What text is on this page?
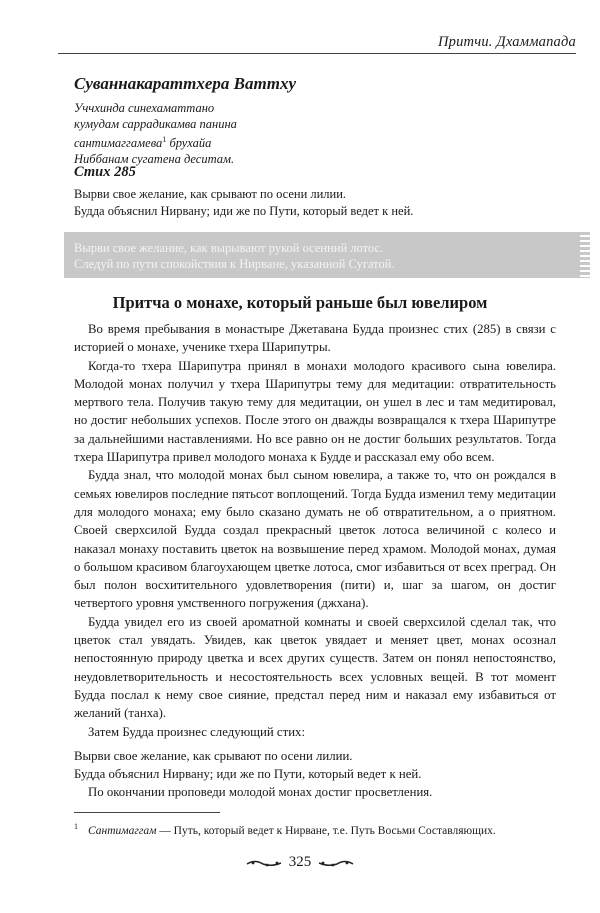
Притчи. Дхаммапада
Суваннакараттхера Ваттху
Уччхинда синехаматтано
кумудам саррадикамва панина
сантимаггамева$^1$ брухайа
Ниббанам сугатена деситам.
Стих 285
Вырви свое желание, как срывают по осени лилии.
Будда объяснил Нирвану; иди же по Пути, который ведет к ней.
Вырви свое желание, как вырывают рукой осенний лотос.
Следуй по пути спокойствия к Нирване, указанной Сугатой.
Притча о монахе, который раньше был ювелиром

Во время пребывания в монастыре Джетавана Будда произнес стих (285) в связи с историей о монахе, ученике тхера Шарипутры.

Когда-то тхера Шарипутра принял в монахи молодого красивого сына ювелира. Молодой монах получил у тхера Шарипутры тему для медитации: отвратительность мертвого тела. Получив такую тему для медитации, он ушел в лес и там медитировал, но достиг небольших успехов. После этого он дважды возвращался к тхера Шарипутре за дальнейшими наставлениями. Но все равно он не достиг больших результатов. Тогда тхера Шарипутра привел молодого монаха к Будде и рассказал ему обо всем.

Будда знал, что молодой монах был сыном ювелира, а также то, что он рождался в семьях ювелиров последние пятьсот воплощений. Тогда Будда изменил тему медитации для молодого монаха; ему было сказано думать не об отвратительном, а о приятном. Своей сверхсилой Будда создал прекрасный цветок лотоса величиной с колесо и наказал монаху поставить цветок на возвышение перед храмом. Молодой монах, думая о большом красивом благоухающем цветке лотоса, смог избавиться от всех преград. Он был полон восхитительного удовлетворения (пити) и, шаг за шагом, он достиг четвертого уровня умственного погружения (джхана).

Будда увидел его из своей ароматной комнаты и своей сверхсилой сделал так, что цветок стал увядать. Увидев, как цветок увядает и меняет цвет, монах осознал непостоянную природу цветка и всех других существ. Затем он понял непостоянство, неудовлетворительность и несостоятельность всех условных вещей. В тот момент Будда послал к нему свое сияние, предстал перед ним и наказал ему избавиться от желаний (танха).

Затем Будда произнес следующий стих:

Вырви свое желание, как срывают по осени лилии.
Будда объяснил Нирвану; иди же по Пути, который ведет к ней.

По окончании проповеди молодой монах достиг просветления.

$^1$ Сантимаггам — Путь, который ведет к Нирване, т.е. Путь Восьми Составляющих.
325
